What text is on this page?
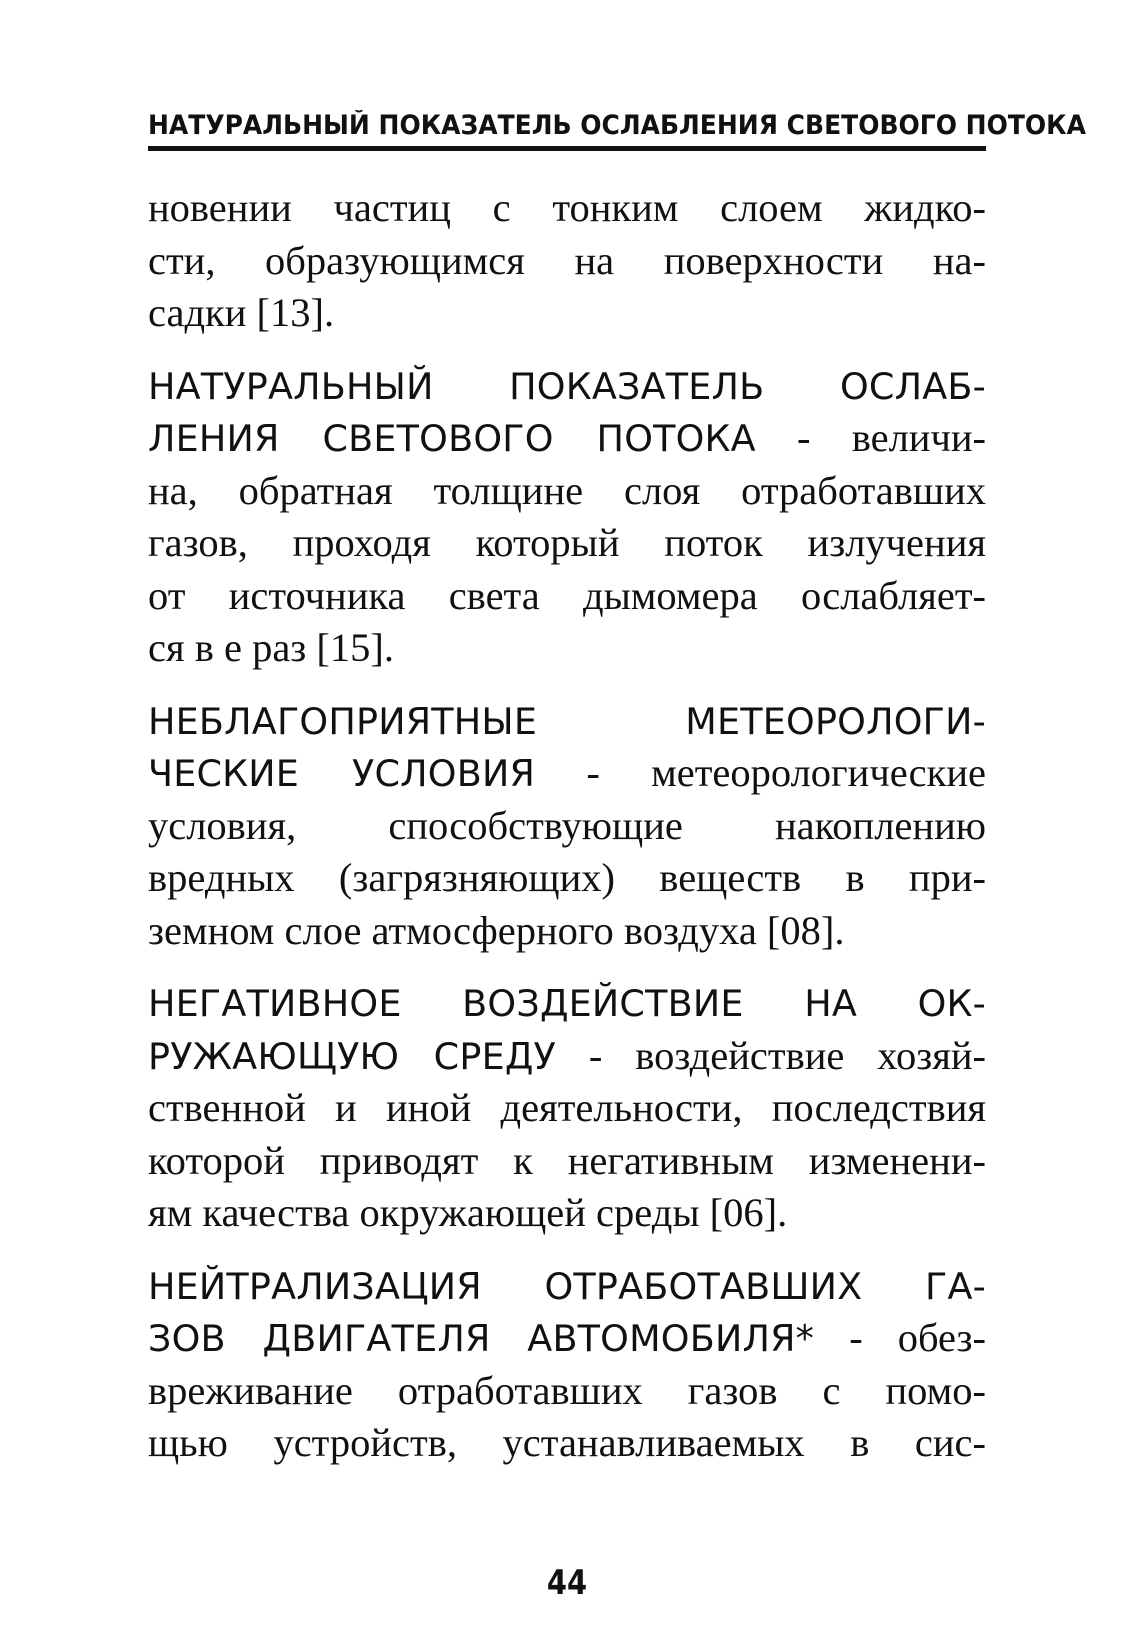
НАТУРАЛЬНЫЙ ПОКАЗАТЕЛЬ ОСЛАБЛЕНИЯ СВЕТОВОГО ПОТОКА
новении частиц с тонким слоем жидко-
сти, образующимся на поверхности на-
садки [13].
НАТУРАЛЬНЫЙ ПОКАЗАТЕЛЬ ОСЛАБ-
ЛЕНИЯ СВЕТОВОГО ПОТОКА - величи-
на, обратная толщине слоя отработавших
газов, проходя который поток излучения
от источника света дымомера ослабляет-
ся в е раз [15].
НЕБЛАГОПРИЯТНЫЕ МЕТЕОРОЛОГИ-
ЧЕСКИЕ УСЛОВИЯ - метеорологические
условия, способствующие накоплению
вредных (загрязняющих) веществ в при-
земном слое атмосферного воздуха [08].
НЕГАТИВНОЕ ВОЗДЕЙСТВИЕ НА ОК-
РУЖАЮЩУЮ СРЕДУ - воздействие хозяй-
ственной и иной деятельности, последствия
которой приводят к негативным изменени-
ям качества окружающей среды [06].
НЕЙТРАЛИЗАЦИЯ ОТРАБОТАВШИХ ГА-
ЗОВ ДВИГАТЕЛЯ АВТОМОБИЛЯ* - обез-
вреживание отработавших газов с помо-
щью устройств, устанавливаемых в сис-
44
